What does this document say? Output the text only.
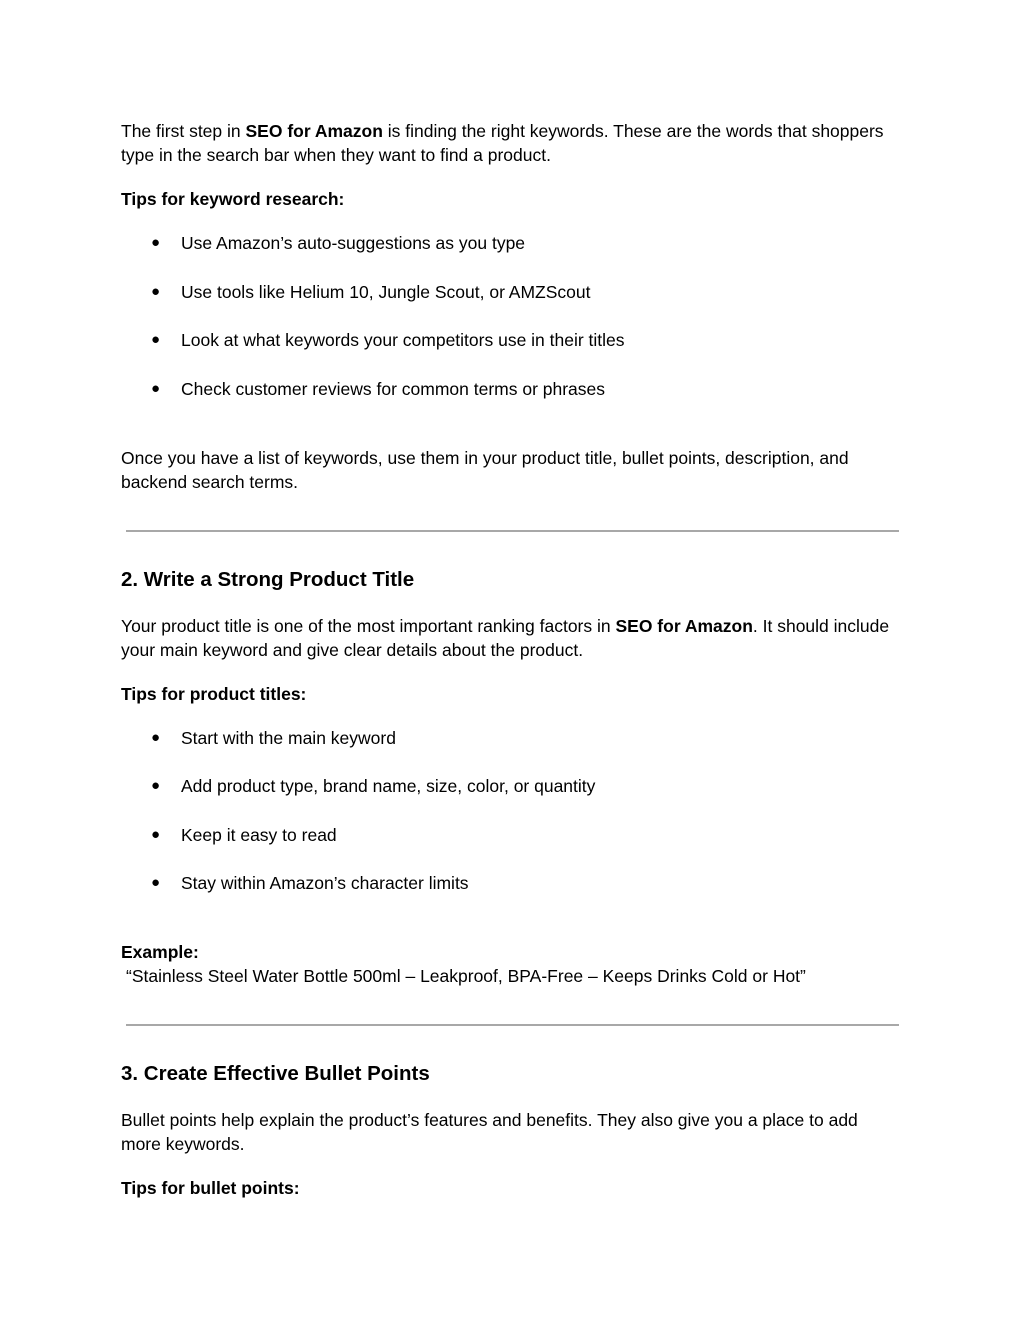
The first step in SEO for Amazon is finding the right keywords. These are the words that shoppers type in the search bar when they want to find a product.

Tips for keyword research:
● Use Amazon’s auto-suggestions as you type
● Use tools like Helium 10, Jungle Scout, or AMZScout
● Look at what keywords your competitors use in their titles
● Check customer reviews for common terms or phrases

Once you have a list of keywords, use them in your product title, bullet points, description, and backend search terms.

2. Write a Strong Product Title

Your product title is one of the most important ranking factors in SEO for Amazon. It should include your main keyword and give clear details about the product.

Tips for product titles:
● Start with the main keyword
● Add product type, brand name, size, color, or quantity
● Keep it easy to read
● Stay within Amazon’s character limits
Example:
“Stainless Steel Water Bottle 500ml – Leakproof, BPA-Free – Keeps Drinks Cold or Hot”
3. Create Effective Bullet Points

Bullet points help explain the product’s features and benefits. They also give you a place to add more keywords.

Tips for bullet points:
